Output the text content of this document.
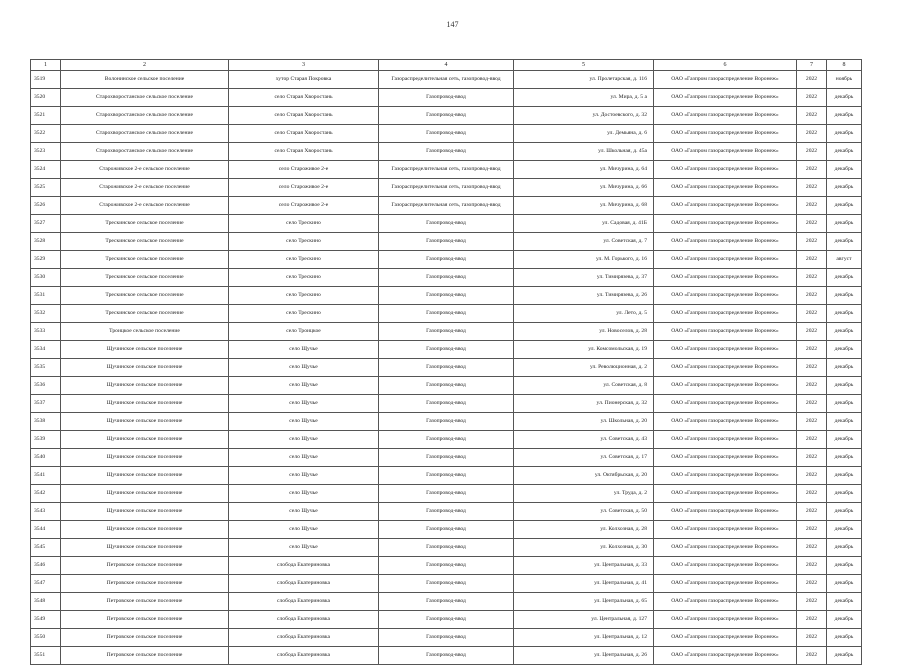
147
1	2	3	4	5	6	7	8
3519	Волонинское сельское поселение	хутор Старая Покровка	Газораспределительная сеть, газопровод-ввод	ул. Пролетарская, д. 116	ОАО «Газпром газораспределение Воронеж»	2022	ноябрь
3520	Старохворостанское сельское поселение	село Старая Хворостань	Газопровод-ввод	ул. Мира, д. 5 а	ОАО «Газпром газораспределение Воронеж»	2022	декабрь
3521	Старохворостанское сельское поселение	село Старая Хворостань	Газопровод-ввод	ул. Достоевского, д. 32	ОАО «Газпром газораспределение Воронеж»	2022	декабрь
3522	Старохворостанское сельское поселение	село Старая Хворостань	Газопровод-ввод	ул. Демьяна, д. 6	ОАО «Газпром газораспределение Воронеж»	2022	декабрь
3523	Старохворостанское сельское поселение	село Старая Хворостань	Газопровод-ввод	ул. Школьная, д. 45а	ОАО «Газпром газораспределение Воронеж»	2022	декабрь
3524	Староживское 2-е сельское поселение	село Староживое 2-е	Газораспределительная сеть, газопровод-ввод	ул. Мичурина, д. 64	ОАО «Газпром газораспределение Воронеж»	2022	декабрь
3525	Староживское 2-е сельское поселение	село Староживое 2-е	Газораспределительная сеть, газопровод-ввод	ул. Мичурина, д. 66	ОАО «Газпром газораспределение Воронеж»	2022	декабрь
3526	Староживское 2-е сельское поселение	село Староживое 2-е	Газораспределительная сеть, газопровод-ввод	ул. Мичурина, д. 68	ОАО «Газпром газораспределение Воронеж»	2022	декабрь
3527	Трескинское сельское поселение	село Трескино	Газопровод-ввод	ул. Садовая, д. 41Б	ОАО «Газпром газораспределение Воронеж»	2022	декабрь
3528	Трескинское сельское поселение	село Трескино	Газопровод-ввод	ул. Советская, д. 7	ОАО «Газпром газораспределение Воронеж»	2022	декабрь
3529	Трескинское сельское поселение	село Трескино	Газопровод-ввод	ул. М. Горького, д. 16	ОАО «Газпром газораспределение Воронеж»	2022	август
3530	Трескинское сельское поселение	село Трескино	Газопровод-ввод	ул. Тимирязева, д. 37	ОАО «Газпром газораспределение Воронеж»	2022	декабрь
3531	Трескинское сельское поселение	село Трескино	Газопровод-ввод	ул. Тимирязева, д. 26	ОАО «Газпром газораспределение Воронеж»	2022	декабрь
3532	Трескинское сельское поселение	село Трескино	Газопровод-ввод	ул. Лето, д. 5	ОАО «Газпром газораспределение Воронеж»	2022	декабрь
3533	Троицкое сельское поселение	село Троицкое	Газопровод-ввод	ул. Новоселов, д. 28	ОАО «Газпром газораспределение Воронеж»	2022	декабрь
3534	Щучинское сельское поселение	село Щучье	Газопровод-ввод	ул. Комсомольская, д. 19	ОАО «Газпром газораспределение Воронеж»	2022	декабрь
3535	Щучинское сельское поселение	село Щучье	Газопровод-ввод	ул. Революционная, д. 2	ОАО «Газпром газораспределение Воронеж»	2022	декабрь
3536	Щучинское сельское поселение	село Щучье	Газопровод-ввод	ул. Советская, д. 8	ОАО «Газпром газораспределение Воронеж»	2022	декабрь
3537	Щучинское сельское поселение	село Щучье	Газопровод-ввод	ул. Пионерская, д. 32	ОАО «Газпром газораспределение Воронеж»	2022	декабрь
3538	Щучинское сельское поселение	село Щучье	Газопровод-ввод	ул. Школьная, д. 20	ОАО «Газпром газораспределение Воронеж»	2022	декабрь
3539	Щучинское сельское поселение	село Щучье	Газопровод-ввод	ул. Советская, д. 43	ОАО «Газпром газораспределение Воронеж»	2022	декабрь
3540	Щучинское сельское поселение	село Щучье	Газопровод-ввод	ул. Советская, д. 17	ОАО «Газпром газораспределение Воронеж»	2022	декабрь
3541	Щучинское сельское поселение	село Щучье	Газопровод-ввод	ул. Октябрьская, д. 20	ОАО «Газпром газораспределение Воронеж»	2022	декабрь
3542	Щучинское сельское поселение	село Щучье	Газопровод-ввод	ул. Труда, д. 2	ОАО «Газпром газораспределение Воронеж»	2022	декабрь
3543	Щучинское сельское поселение	село Щучье	Газопровод-ввод	ул. Советская, д. 50	ОАО «Газпром газораспределение Воронеж»	2022	декабрь
3544	Щучинское сельское поселение	село Щучье	Газопровод-ввод	ул. Колхозная, д. 28	ОАО «Газпром газораспределение Воронеж»	2022	декабрь
3545	Щучинское сельское поселение	село Щучье	Газопровод-ввод	ул. Колхозная, д. 30	ОАО «Газпром газораспределение Воронеж»	2022	декабрь
3546	Петровское сельское поселение	слобода Екатериновка	Газопровод-ввод	ул. Центральная, д. 33	ОАО «Газпром газораспределение Воронеж»	2022	декабрь
3547	Петровское сельское поселение	слобода Екатериновка	Газопровод-ввод	ул. Центральная, д. 41	ОАО «Газпром газораспределение Воронеж»	2022	декабрь
3548	Петровское сельское поселение	слобода Екатериновка	Газопровод-ввод	ул. Центральная, д. 65	ОАО «Газпром газораспределение Воронеж»	2022	декабрь
3549	Петровское сельское поселение	слобода Екатериновка	Газопровод-ввод	ул. Центральная, д. 127	ОАО «Газпром газораспределение Воронеж»	2022	декабрь
3550	Петровское сельское поселение	слобода Екатериновка	Газопровод-ввод	ул. Центральная, д. 12	ОАО «Газпром газораспределение Воронеж»	2022	декабрь
3551	Петровское сельское поселение	слобода Екатериновка	Газопровод-ввод	ул. Центральная, д. 26	ОАО «Газпром газораспределение Воронеж»	2022	декабрь
